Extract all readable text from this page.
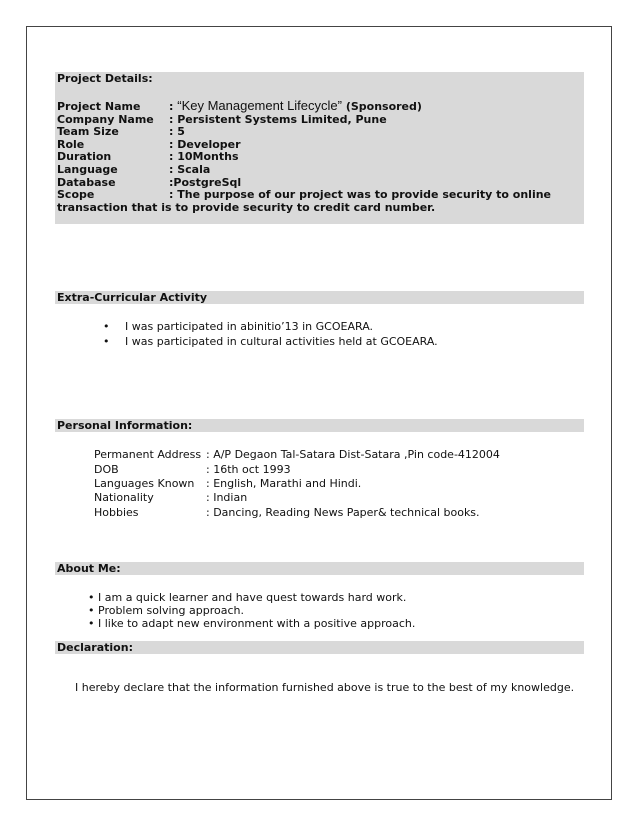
Project Details:
Project Name	: “Key Management Lifecycle” (Sponsored)
Company Name : Persistent Systems Limited, Pune
Team Size	: 5
Role	: Developer
Duration	: 10Months
Language	: Scala
Database	:PostgreSql
Scope	: The purpose of our project was to provide security to online
transaction that is to provide security to credit card number.
Extra-Curricular Activity
• I was participated in abinitio’13 in GCOEARA.
• I was participated in cultural activities held at GCOEARA.
Personal Information:
Permanent Address : A/P Degaon Tal-Satara Dist-Satara ,Pin code-412004
DOB	: 16th oct 1993
Languages Known : English, Marathi and Hindi.
Nationality	: Indian
Hobbies	: Dancing, Reading News Paper& technical books.
About Me:
• I am a quick learner and have quest towards hard work.
• Problem solving approach.
• I like to adapt new environment with a positive approach.
Declaration:
I hereby declare that the information furnished above is true to the best of my knowledge.
